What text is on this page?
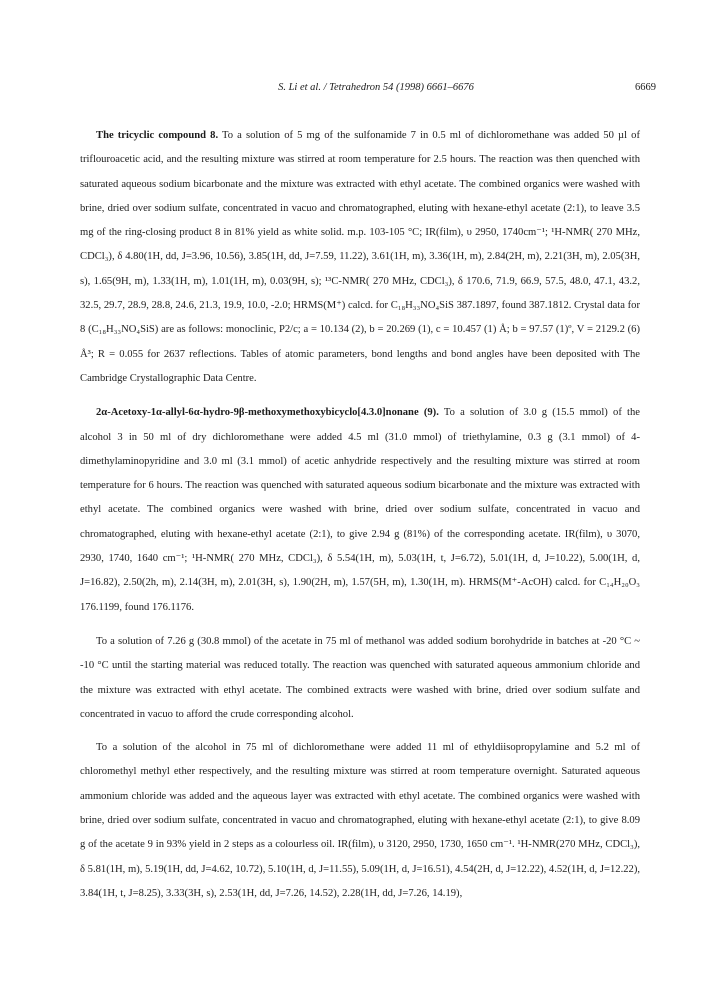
S. Li et al. / Tetrahedron 54 (1998) 6661–6676	6669

The tricyclic compound 8. To a solution of 5 mg of the sulfonamide 7 in 0.5 ml of dichloromethane was added 50 µl of triflouroacetic acid, and the resulting mixture was stirred at room temperature for 2.5 hours. The reaction was then quenched with saturated aqueous sodium bicarbonate and the mixture was extracted with ethyl acetate. The combined organics were washed with brine, dried over sodium sulfate, concentrated in vacuo and chromatographed, eluting with hexane-ethyl acetate (2:1), to leave 3.5 mg of the ring-closing product 8 in 81% yield as white solid. m.p. 103-105 °C; IR(film), υ 2950, 1740cm⁻¹; ¹H-NMR( 270 MHz, CDCl₃), δ 4.80(1H, dd, J=3.96, 10.56), 3.85(1H, dd, J=7.59, 11.22), 3.61(1H, m), 3.36(1H, m), 2.84(2H, m), 2.21(3H, m), 2.05(3H, s), 1.65(9H, m), 1.33(1H, m), 1.01(1H, m), 0.03(9H, s); ¹³C-NMR( 270 MHz, CDCl₃), δ 170.6, 71.9, 66.9, 57.5, 48.0, 47.1, 43.2, 32.5, 29.7, 28.9, 28.8, 24.6, 21.3, 19.9, 10.0, -2.0; HRMS(M⁺) calcd. for C₁₈H₃₃NO₄SiS 387.1897, found 387.1812. Crystal data for 8 (C₁₈H₃₃NO₄SiS) are as follows: monoclinic, P2/c; a = 10.134 (2), b = 20.269 (1), c = 10.457 (1) Å; b = 97.57 (1)º, V = 2129.2 (6) Å³; R = 0.055 for 2637 reflections. Tables of atomic parameters, bond lengths and bond angles have been deposited with The Cambridge Crystallographic Data Centre.

2α-Acetoxy-1α-allyl-6α-hydro-9β-methoxymethoxybicyclo[4.3.0]nonane (9). To a solution of 3.0 g (15.5 mmol) of the alcohol 3 in 50 ml of dry dichloromethane were added 4.5 ml (31.0 mmol) of triethylamine, 0.3 g (3.1 mmol) of 4-dimethylaminopyridine and 3.0 ml (3.1 mmol) of acetic anhydride respectively and the resulting mixture was stirred at room temperature for 6 hours. The reaction was quenched with saturated aqueous sodium bicarbonate and the mixture was extracted with ethyl acetate. The combined organics were washed with brine, dried over sodium sulfate, concentrated in vacuo and chromatographed, eluting with hexane-ethyl acetate (2:1), to give 2.94 g (81%) of the corresponding acetate. IR(film), υ 3070, 2930, 1740, 1640 cm⁻¹; ¹H-NMR( 270 MHz, CDCl₃), δ 5.54(1H, m), 5.03(1H, t, J=6.72), 5.01(1H, d, J=10.22), 5.00(1H, d, J=16.82), 2.50(2h, m), 2.14(3H, m), 2.01(3H, s), 1.90(2H, m), 1.57(5H, m), 1.30(1H, m). HRMS(M⁺-AcOH) calcd. for C₁₄H₂₀O₃ 176.1199, found 176.1176.

To a solution of 7.26 g (30.8 mmol) of the acetate in 75 ml of methanol was added sodium borohydride in batches at -20 °C ~ -10 °C until the starting material was reduced totally. The reaction was quenched with saturated aqueous ammonium chloride and the mixture was extracted with ethyl acetate. The combined extracts were washed with brine, dried over sodium sulfate and concentrated in vacuo to afford the crude corresponding alcohol.

To a solution of the alcohol in 75 ml of dichloromethane were added 11 ml of ethyldiisopropylamine and 5.2 ml of chloromethyl methyl ether respectively, and the resulting mixture was stirred at room temperature overnight. Saturated aqueous ammonium chloride was added and the aqueous layer was extracted with ethyl acetate. The combined organics were washed with brine, dried over sodium sulfate, concentrated in vacuo and chromatographed, eluting with hexane-ethyl acetate (2:1), to give 8.09 g of the acetate 9 in 93% yield in 2 steps as a colourless oil. IR(film), υ 3120, 2950, 1730, 1650 cm⁻¹. ¹H-NMR(270 MHz, CDCl₃), δ 5.81(1H, m), 5.19(1H, dd, J=4.62, 10.72), 5.10(1H, d, J=11.55), 5.09(1H, d, J=16.51), 4.54(2H, d, J=12.22), 4.52(1H, d, J=12.22), 3.84(1H, t, J=8.25), 3.33(3H, s), 2.53(1H, dd, J=7.26, 14.52), 2.28(1H, dd, J=7.26, 14.19),
